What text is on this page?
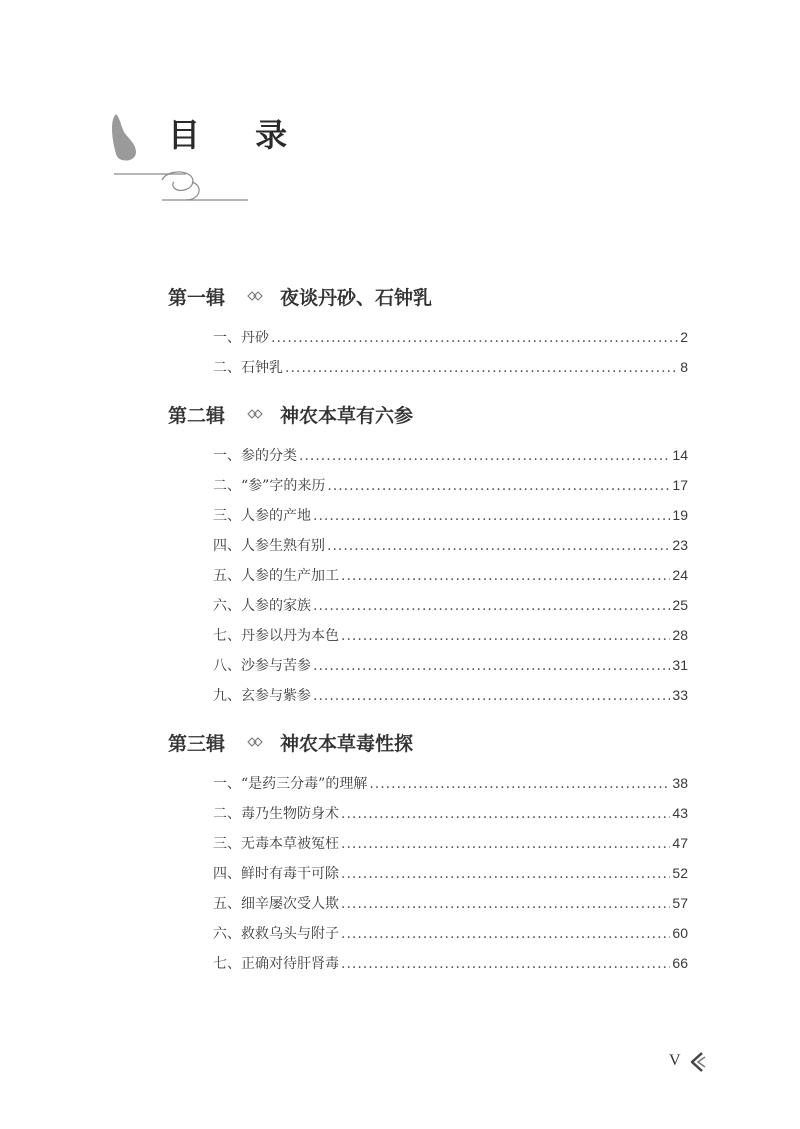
目 录
第一辑	夜谈丹砂、石钟乳
一、丹砂 .....	2
二、石钟乳 .....	8
第二辑	神农本草有六参
一、参的分类 .....	14
二、“参”字的来历 .....	17
三、人参的产地 .....	19
四、人参生熟有别 .....	23
五、人参的生产加工 .....	24
六、人参的家族 .....	25
七、丹参以丹为本色 .....	28
八、沙参与苦参 .....	31
九、玄参与紫参 .....	33
第三辑	神农本草毒性探
一、“是药三分毒”的理解 .....	38
二、毒乃生物防身术 .....	43
三、无毒本草被冤枉 .....	47
四、鲜时有毒干可除 .....	52
五、细辛屡次受人欺 .....	57
六、救救乌头与附子 .....	60
七、正确对待肝肾毒 .....	66
V
